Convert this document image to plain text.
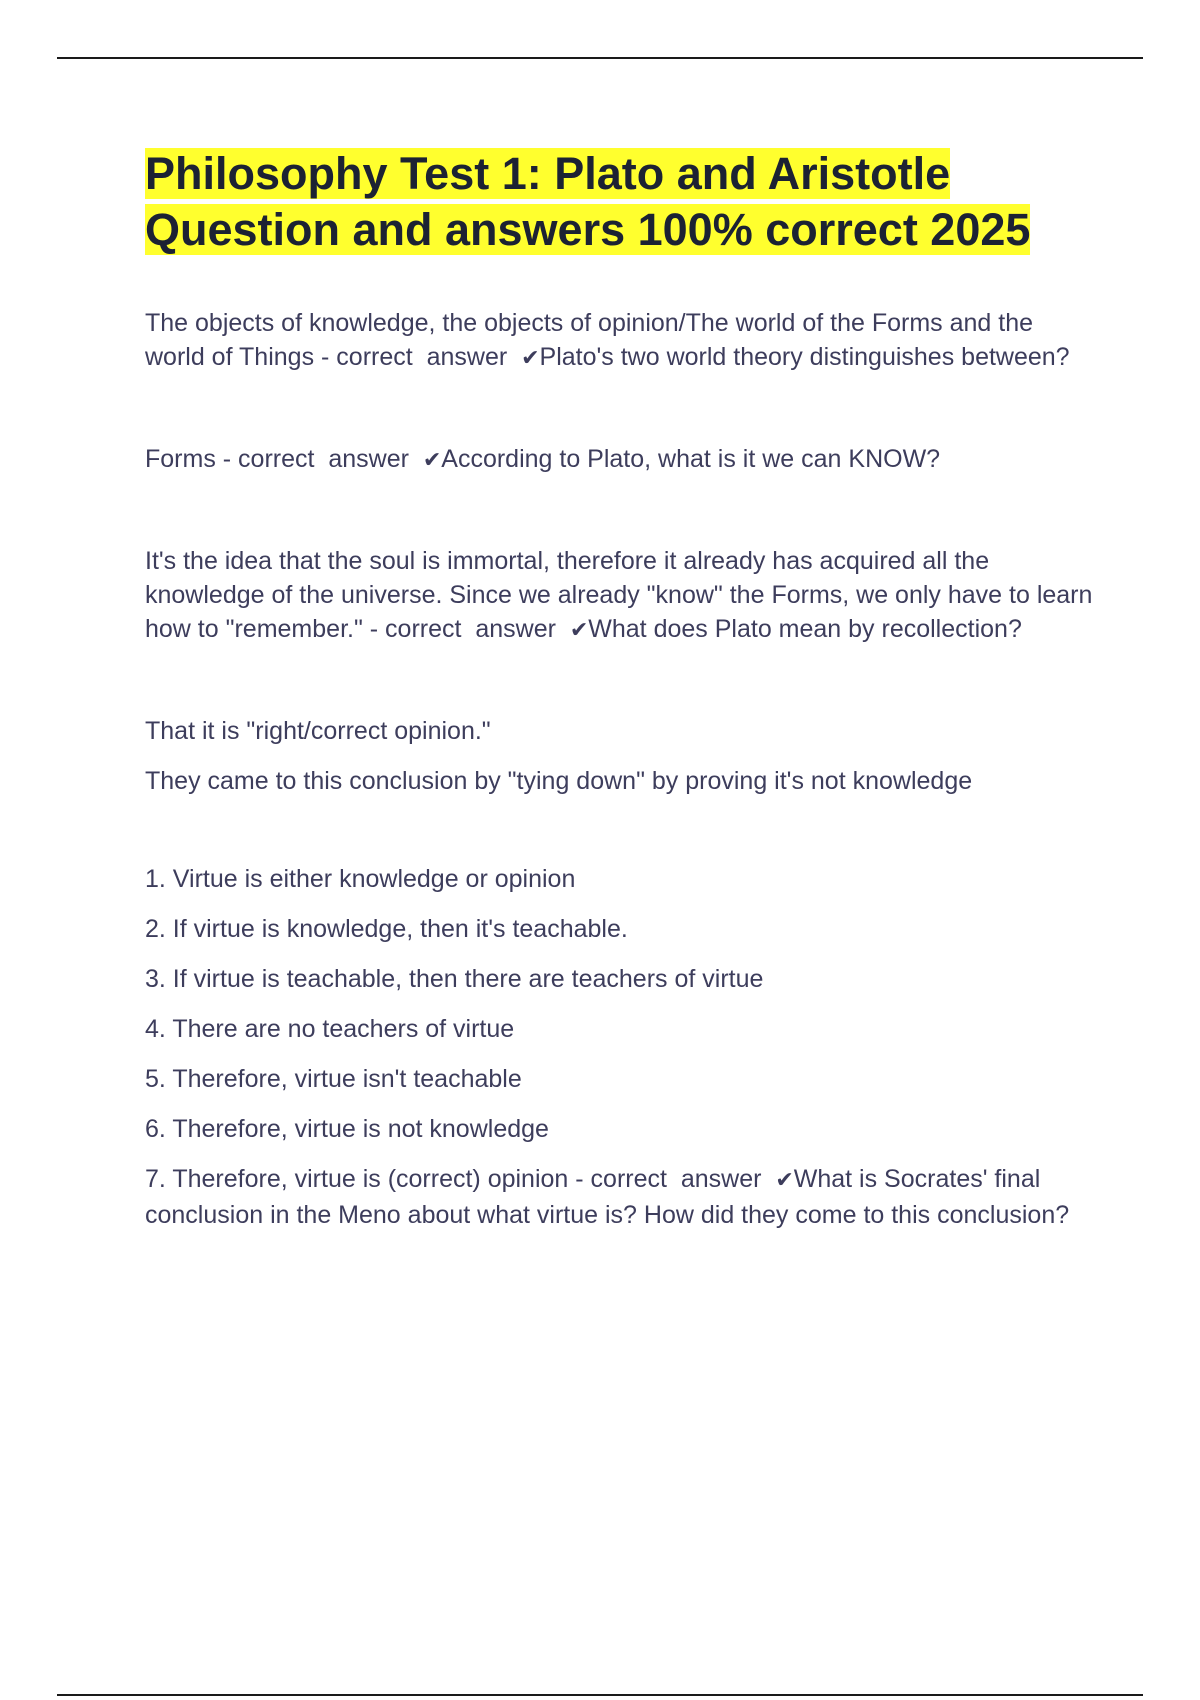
Philosophy Test 1: Plato and Aristotle Question and answers 100% correct 2025

The objects of knowledge, the objects of opinion/The world of the Forms and the world of Things - correct  answer  ✔Plato's two world theory distinguishes between?

Forms - correct  answer  ✔According to Plato, what is it we can KNOW?

It's the idea that the soul is immortal, therefore it already has acquired all the knowledge of the universe. Since we already "know" the Forms, we only have to learn how to "remember." - correct  answer  ✔What does Plato mean by recollection?

That it is "right/correct opinion."

They came to this conclusion by "tying down" by proving it's not knowledge

1. Virtue is either knowledge or opinion

2. If virtue is knowledge, then it's teachable.

3. If virtue is teachable, then there are teachers of virtue

4. There are no teachers of virtue

5. Therefore, virtue isn't teachable

6. Therefore, virtue is not knowledge

7. Therefore, virtue is (correct) opinion - correct  answer  ✔What is Socrates' final conclusion in the Meno about what virtue is? How did they come to this conclusion?
